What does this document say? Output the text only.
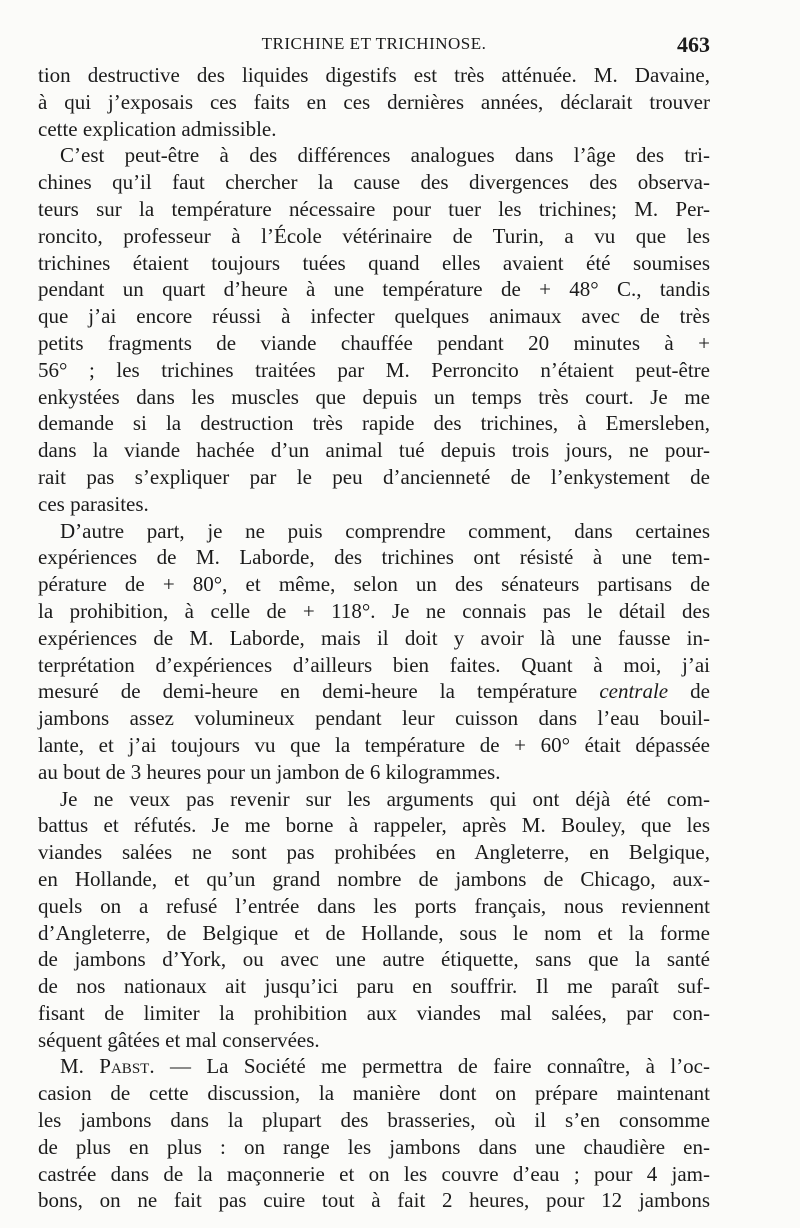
TRICHINE ET TRICHINOSE.	463
tion destructive des liquides digestifs est très atténuée. M. Davaine,
à qui j’exposais ces faits en ces dernières années, déclarait trouver
cette explication admissible.
C’est peut-être à des différences analogues dans l’âge des tri-
chines qu’il faut chercher la cause des divergences des observa-
teurs sur la température nécessaire pour tuer les trichines; M. Per-
roncito, professeur à l’École vétérinaire de Turin, a vu que les
trichines étaient toujours tuées quand elles avaient été soumises
pendant un quart d’heure à une température de + 48° C., tandis
que j’ai encore réussi à infecter quelques animaux avec de très
petits fragments de viande chauffée pendant 20 minutes à +
56° ; les trichines traitées par M. Perroncito n’étaient peut-être
enkystées dans les muscles que depuis un temps très court. Je me
demande si la destruction très rapide des trichines, à Emersleben,
dans la viande hachée d’un animal tué depuis trois jours, ne pour-
rait pas s’expliquer par le peu d’ancienneté de l’enkystement de
ces parasites.
D’autre part, je ne puis comprendre comment, dans certaines
expériences de M. Laborde, des trichines ont résisté à une tem-
pérature de + 80°, et même, selon un des sénateurs partisans de
la prohibition, à celle de + 118°. Je ne connais pas le détail des
expériences de M. Laborde, mais il doit y avoir là une fausse in-
terprétation d’expériences d’ailleurs bien faites. Quant à moi, j’ai
mesuré de demi-heure en demi-heure la température centrale de
jambons assez volumineux pendant leur cuisson dans l’eau bouil-
lante, et j’ai toujours vu que la température de + 60° était dépassée
au bout de 3 heures pour un jambon de 6 kilogrammes.
Je ne veux pas revenir sur les arguments qui ont déjà été com-
battus et réfutés. Je me borne à rappeler, après M. Bouley, que les
viandes salées ne sont pas prohibées en Angleterre, en Belgique,
en Hollande, et qu’un grand nombre de jambons de Chicago, aux-
quels on a refusé l’entrée dans les ports français, nous reviennent
d’Angleterre, de Belgique et de Hollande, sous le nom et la forme
de jambons d’York, ou avec une autre étiquette, sans que la santé
de nos nationaux ait jusqu’ici paru en souffrir. Il me paraît suf-
fisant de limiter la prohibition aux viandes mal salées, par con-
séquent gâtées et mal conservées.
M. Pabst. — La Société me permettra de faire connaître, à l’oc-
casion de cette discussion, la manière dont on prépare maintenant
les jambons dans la plupart des brasseries, où il s’en consomme
de plus en plus : on range les jambons dans une chaudière en-
castrée dans de la maçonnerie et on les couvre d’eau ; pour 4 jam-
bons, on ne fait pas cuire tout à fait 2 heures, pour 12 jambons
